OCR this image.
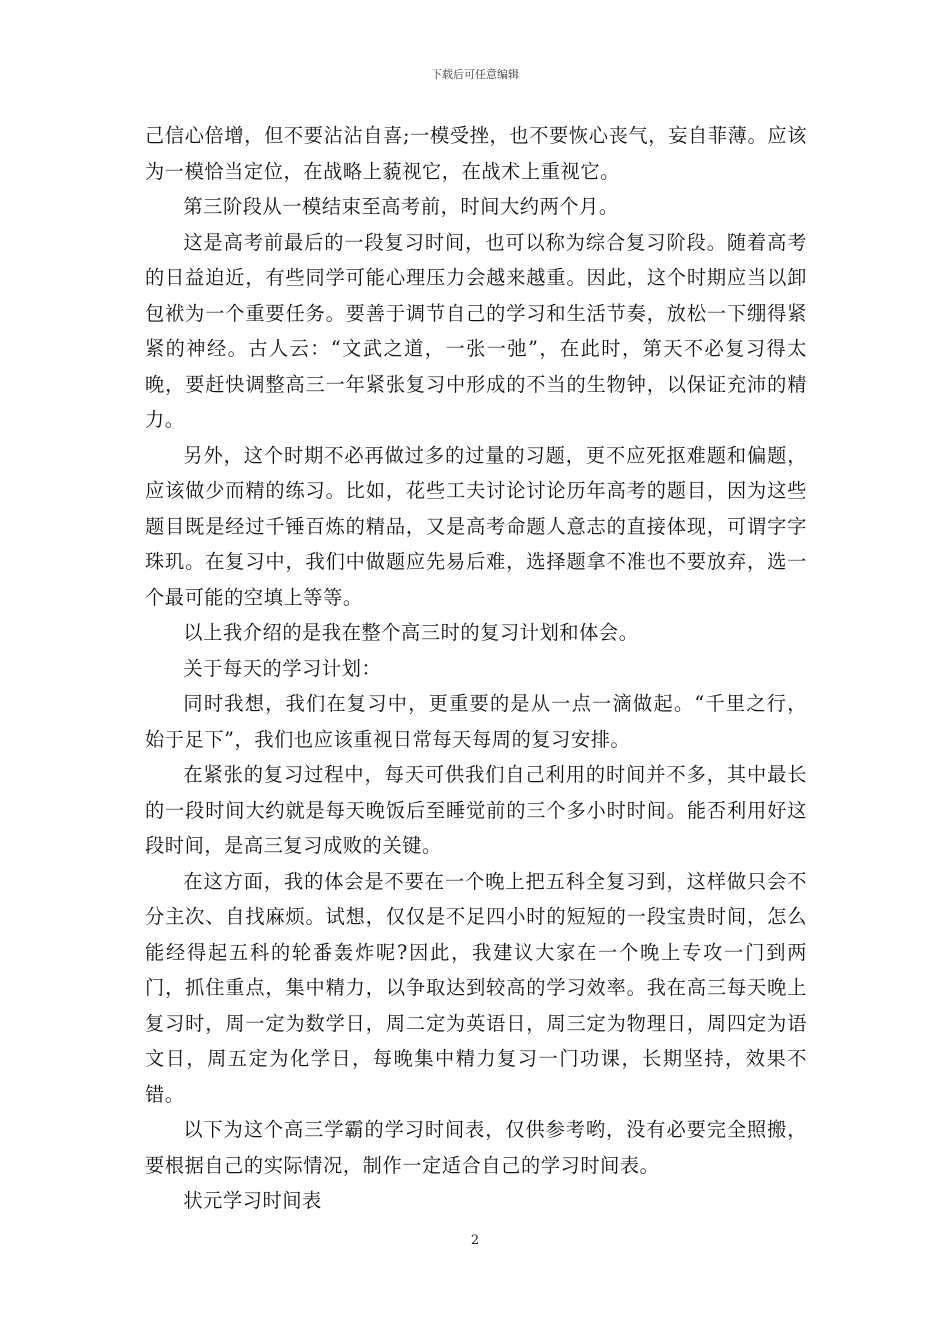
下载后可任意编辑

己信心倍增，但不要沾沾自喜;一模受挫，也不要恢心丧气，妄自菲薄。应该为一模恰当定位，在战略上藐视它，在战术上重视它。

第三阶段从一模结束至高考前，时间大约两个月。

这是高考前最后的一段复习时间，也可以称为综合复习阶段。随着高考的日益迫近，有些同学可能心理压力会越来越重。因此，这个时期应当以卸包袱为一个重要任务。要善于调节自己的学习和生活节奏，放松一下绷得紧紧的神经。古人云：“文武之道，一张一弛”，在此时，第天不必复习得太晚，要赶快调整高三一年紧张复习中形成的不当的生物钟，以保证充沛的精力。

另外，这个时期不必再做过多的过量的习题，更不应死抠难题和偏题，应该做少而精的练习。比如，花些工夫讨论讨论历年高考的题目，因为这些题目既是经过千锤百炼的精品，又是高考命题人意志的直接体现，可谓字字珠玑。在复习中，我们中做题应先易后难，选择题拿不准也不要放弃，选一个最可能的空填上等等。

以上我介绍的是我在整个高三时的复习计划和体会。

关于每天的学习计划：

同时我想，我们在复习中，更重要的是从一点一滴做起。“千里之行，始于足下”，我们也应该重视日常每天每周的复习安排。

在紧张的复习过程中，每天可供我们自己利用的时间并不多，其中最长的一段时间大约就是每天晚饭后至睡觉前的三个多小时时间。能否利用好这段时间，是高三复习成败的关键。

在这方面，我的体会是不要在一个晚上把五科全复习到，这样做只会不分主次、自找麻烦。试想，仅仅是不足四小时的短短的一段宝贵时间，怎么能经得起五科的轮番轰炸呢?因此，我建议大家在一个晚上专攻一门到两门，抓住重点，集中精力，以争取达到较高的学习效率。我在高三每天晚上复习时，周一定为数学日，周二定为英语日，周三定为物理日，周四定为语文日，周五定为化学日，每晚集中精力复习一门功课，长期坚持，效果不错。

以下为这个高三学霸的学习时间表，仅供参考哟，没有必要完全照搬，要根据自己的实际情况，制作一定适合自己的学习时间表。

状元学习时间表

2
